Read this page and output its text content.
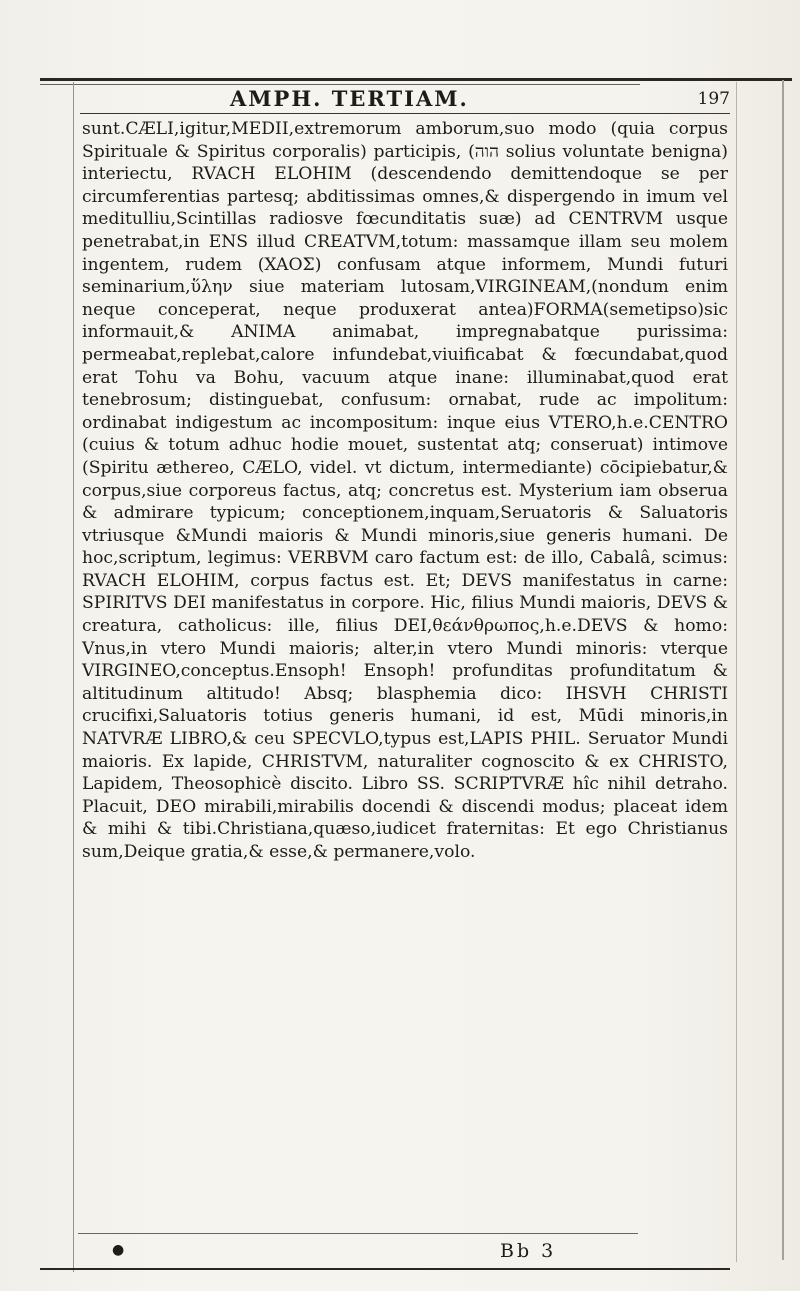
AMPH. TERTIAM.	197

sunt.CÆLI,igitur,MEDII,extremorum amborum,suo modo (quia corpus Spirituale & Spiritus corporalis) participis, (הוה solius voluntate benigna) interiectu, RVACH ELOHIM (descendendo demittendoque se per circumferentias partesq; abditissimas omnes,& dispergendo in imum vel meditulliu,Scintillas radiosve fœcunditatis suæ) ad CENTRVM usque penetrabat,in ENS illud CREATVM,totum: massamque illam seu molem ingentem, rudem (XAOΣ) confusam atque informem, Mundi futuri seminarium,ὕλην siue materiam lutosam,VIRGINEAM,(nondum enim neque conceperat, neque produxerat antea)FORMA(semetipso)sic informauit,& ANIMA animabat, impregnabatque purissima: permeabat,replebat,calore infundebat,viuificabat & fœcundabat,quod erat Tohu va Bohu, vacuum atque inane: illuminabat,quod erat tenebrosum; distinguebat, confusum: ornabat, rude ac impolitum: ordinabat indigestum ac incompositum: inque eius VTERO,h.e.CENTRO (cuius & totum adhuc hodie mouet, sustentat atq; conseruat) intimove (Spiritu æthereo, CÆLO, videl. vt dictum, intermediante) cōcipiebatur,& corpus,siue corporeus factus, atq; concretus est. Mysterium iam obserua & admirare typicum; conceptionem,inquam,Seruatoris & Saluatoris vtriusque &Mundi maioris & Mundi minoris,siue generis humani. De hoc,scriptum, legimus: VERBVM caro factum est: de illo, Cabalâ, scimus: RVACH ELOHIM, corpus factus est. Et; DEVS manifestatus in carne: SPIRITVS DEI manifestatus in corpore. Hic, filius Mundi maioris, DEVS & creatura, catholicus: ille, filius DEI,θεάνθρωπος,h.e.DEVS & homo: Vnus,in vtero Mundi maioris; alter,in vtero Mundi minoris: vterque VIRGINEO,conceptus.Ensoph! Ensoph! profunditas profunditatum & altitudinum altitudo! Absq; blasphemia dico: IHSVH CHRISTI crucifixi,Saluatoris totius generis humani, id est, Mūdi minoris,in NATVRÆ LIBRO,& ceu SPECVLO,typus est,LAPIS PHIL. Seruator Mundi maioris. Ex lapide, CHRISTVM, naturaliter cognoscito & ex CHRISTO, Lapidem, Theosophicè discito. Libro SS. SCRIPTVRÆ hîc nihil detraho. Placuit, DEO mirabili,mirabilis docendi & discendi modus; placeat idem & mihi & tibi.Christiana,quæso,iudicet fraternitas: Et ego Christianus sum,Deique gratia,& esse,& permanere,volo.

●	Bb 3
